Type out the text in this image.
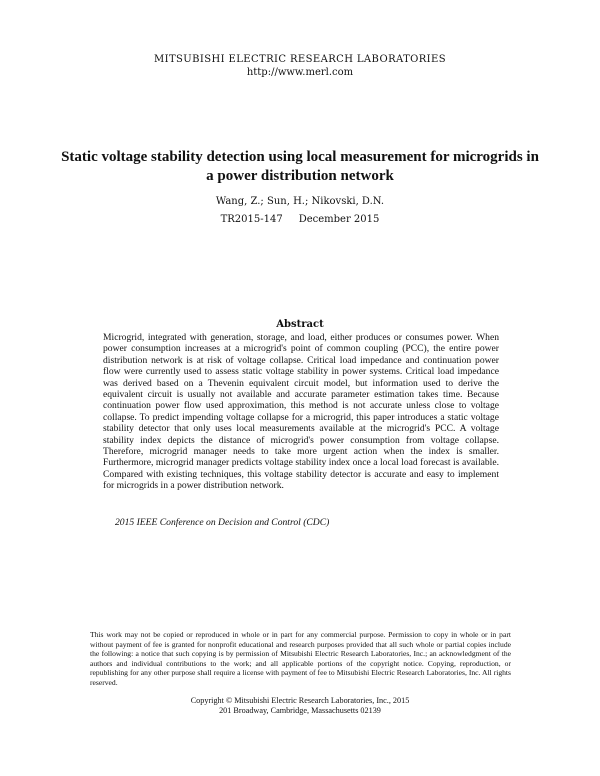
MITSUBISHI ELECTRIC RESEARCH LABORATORIES
http://www.merl.com
Static voltage stability detection using local measurement for microgrids in a power distribution network
Wang, Z.; Sun, H.; Nikovski, D.N.
TR2015-147 December 2015
Abstract
Microgrid, integrated with generation, storage, and load, either produces or consumes power. When power consumption increases at a microgrid's point of common coupling (PCC), the entire power distribution network is at risk of voltage collapse. Critical load impedance and continuation power flow were currently used to assess static voltage stability in power systems. Critical load impedance was derived based on a Thevenin equivalent circuit model, but information used to derive the equivalent circuit is usually not available and accurate parameter estimation takes time. Because continuation power flow used approximation, this method is not accurate unless close to voltage collapse. To predict impending voltage collapse for a microgrid, this paper introduces a static voltage stability detector that only uses local measurements available at the microgrid's PCC. A voltage stability index depicts the distance of microgrid's power consumption from voltage collapse. Therefore, microgrid manager needs to take more urgent action when the index is smaller. Furthermore, microgrid manager predicts voltage stability index once a local load forecast is available. Compared with existing techniques, this voltage stability detector is accurate and easy to implement for microgrids in a power distribution network.
2015 IEEE Conference on Decision and Control (CDC)
This work may not be copied or reproduced in whole or in part for any commercial purpose. Permission to copy in whole or in part without payment of fee is granted for nonprofit educational and research purposes provided that all such whole or partial copies include the following: a notice that such copying is by permission of Mitsubishi Electric Research Laboratories, Inc.; an acknowledgment of the authors and individual contributions to the work; and all applicable portions of the copyright notice. Copying, reproduction, or republishing for any other purpose shall require a license with payment of fee to Mitsubishi Electric Research Laboratories, Inc. All rights reserved.
Copyright © Mitsubishi Electric Research Laboratories, Inc., 2015
201 Broadway, Cambridge, Massachusetts 02139
